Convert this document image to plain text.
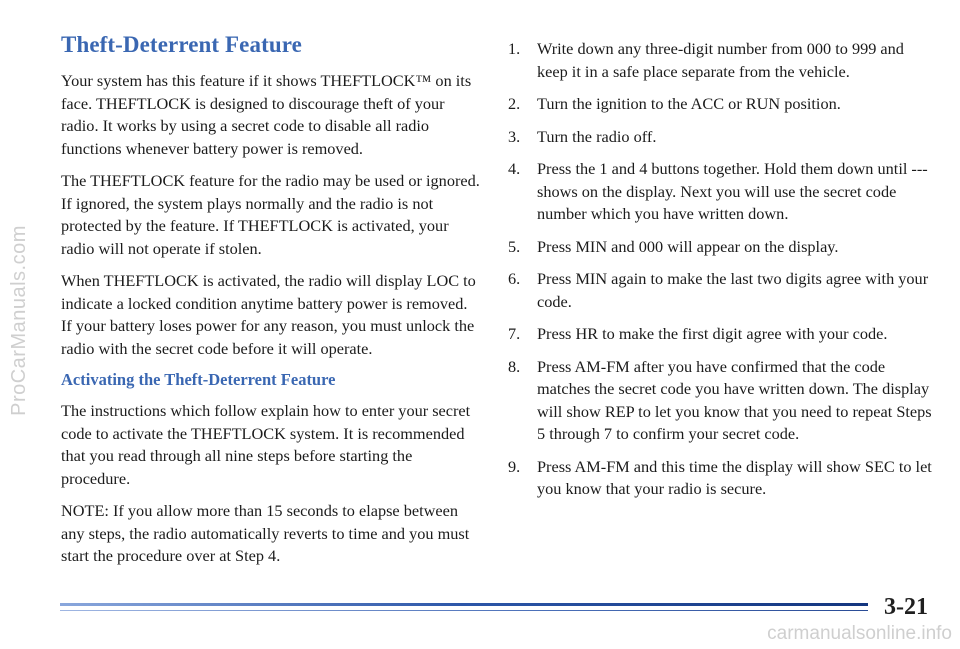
ProCarManuals.com
Theft-Deterrent Feature

Your system has this feature if it shows THEFTLOCK™ on its face. THEFTLOCK is designed to discourage theft of your radio. It works by using a secret code to disable all radio functions whenever battery power is removed.

The THEFTLOCK feature for the radio may be used or ignored. If ignored, the system plays normally and the radio is not protected by the feature. If THEFTLOCK is activated, your radio will not operate if stolen.

When THEFTLOCK is activated, the radio will display LOC to indicate a locked condition anytime battery power is removed. If your battery loses power for any reason, you must unlock the radio with the secret code before it will operate.

Activating the Theft-Deterrent Feature

The instructions which follow explain how to enter your secret code to activate the THEFTLOCK system. It is recommended that you read through all nine steps before starting the procedure.

NOTE: If you allow more than 15 seconds to elapse between any steps, the radio automatically reverts to time and you must start the procedure over at Step 4.

1.	Write down any three-digit number from 000 to 999 and keep it in a safe place separate from the vehicle.
2.	Turn the ignition to the ACC or RUN position.
3.	Turn the radio off.
4.	Press the 1 and 4 buttons together. Hold them down until --- shows on the display. Next you will use the secret code number which you have written down.
5.	Press MIN and 000 will appear on the display.
6.	Press MIN again to make the last two digits agree with your code.
7.	Press HR to make the first digit agree with your code.
8.	Press AM-FM after you have confirmed that the code matches the secret code you have written down. The display will show REP to let you know that you need to repeat Steps 5 through 7 to confirm your secret code.
9.	Press AM-FM and this time the display will show SEC to let you know that your radio is secure.
3-21
carmanualsonline.info
